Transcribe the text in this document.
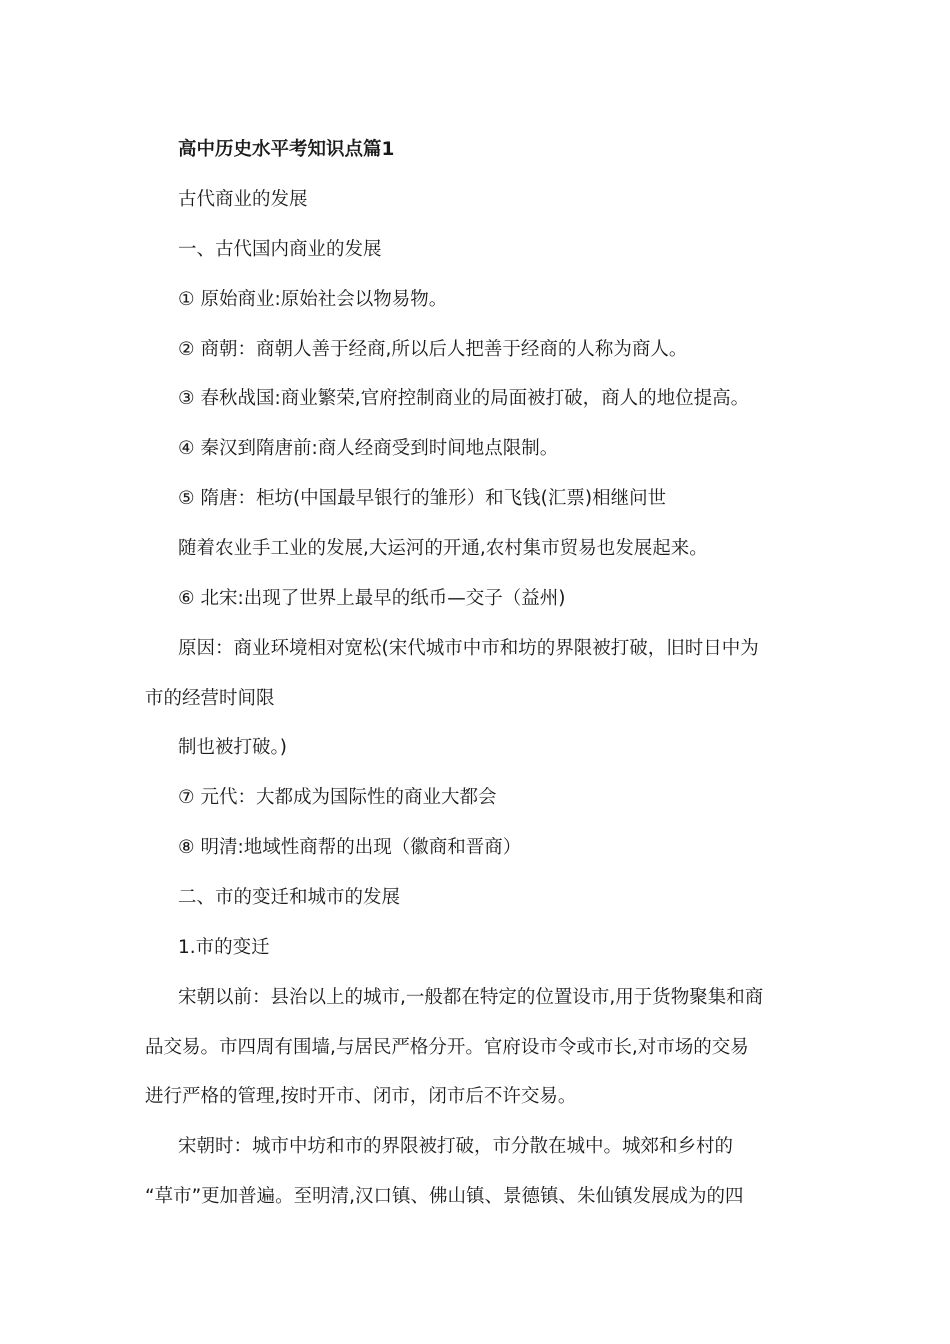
高中历史水平考知识点篇1

古代商业的发展

一、古代国内商业的发展

① 原始商业:原始社会以物易物。

② 商朝：商朝人善于经商,所以后人把善于经商的人称为商人。

③ 春秋战国:商业繁荣,官府控制商业的局面被打破，商人的地位提高。

④ 秦汉到隋唐前:商人经商受到时间地点限制。

⑤ 隋唐：柜坊(中国最早银行的雏形）和飞钱(汇票)相继问世

随着农业手工业的发展,大运河的开通,农村集市贸易也发展起来。

⑥ 北宋:出现了世界上最早的纸币—交子（益州)

原因：商业环境相对宽松(宋代城市中市和坊的界限被打破，旧时日中为

市的经营时间限

制也被打破。)

⑦ 元代：大都成为国际性的商业大都会

⑧ 明清:地域性商帮的出现（徽商和晋商）

二、市的变迁和城市的发展

1.市的变迁

宋朝以前：县治以上的城市,一般都在特定的位置设市,用于货物聚集和商

品交易。市四周有围墙,与居民严格分开。官府设市令或市长,对市场的交易

进行严格的管理,按时开市、闭市，闭市后不许交易。

宋朝时：城市中坊和市的界限被打破，市分散在城中。城郊和乡村的

“草市”更加普遍。至明清,汉口镇、佛山镇、景德镇、朱仙镇发展成为的四
